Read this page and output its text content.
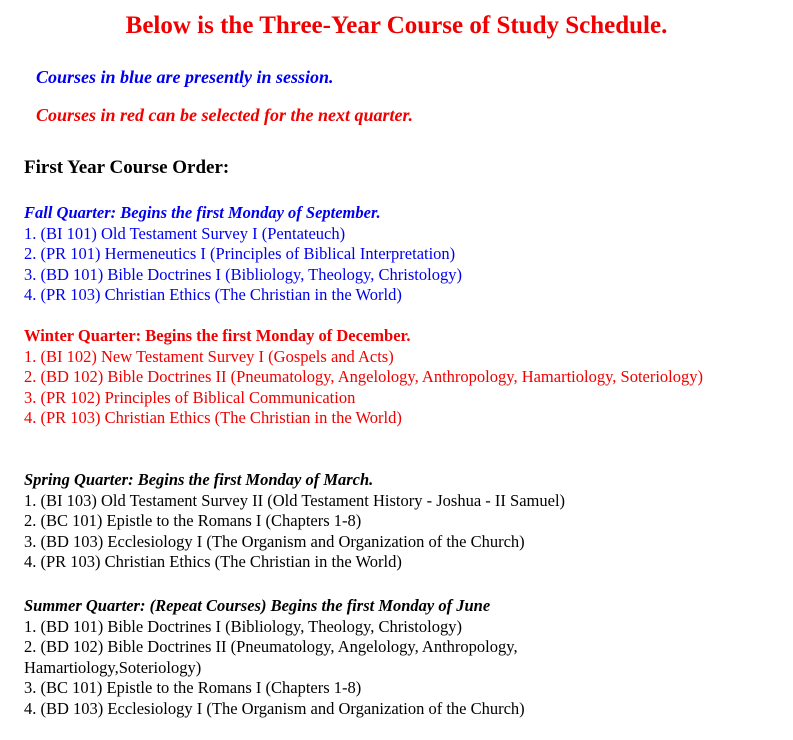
Below is the Three-Year Course of Study Schedule.

Courses in blue are presently in session.

Courses in red can be selected for the next quarter.

First Year Course Order:
Fall Quarter: Begins the first Monday of September.
1. (BI 101) Old Testament Survey I (Pentateuch)
2. (PR 101) Hermeneutics I (Principles of Biblical Interpretation)
3. (BD 101) Bible Doctrines I (Bibliology, Theology, Christology)
4. (PR 103) Christian Ethics (The Christian in the World)
Winter Quarter: Begins the first Monday of December.
1. (BI 102) New Testament Survey I (Gospels and Acts)
2. (BD 102) Bible Doctrines II (Pneumatology, Angelology, Anthropology, Hamartiology, Soteriology)
3. (PR 102) Principles of Biblical Communication
4. (PR 103) Christian Ethics (The Christian in the World)
Spring Quarter: Begins the first Monday of March.
1. (BI 103) Old Testament Survey II (Old Testament History - Joshua - II Samuel)
2. (BC 101) Epistle to the Romans I (Chapters 1-8)
3. (BD 103) Ecclesiology I (The Organism and Organization of the Church)
4. (PR 103) Christian Ethics (The Christian in the World)
Summer Quarter: (Repeat Courses) Begins the first Monday of June
1. (BD 101) Bible Doctrines I (Bibliology, Theology, Christology)
2. (BD 102) Bible Doctrines II (Pneumatology, Angelology, Anthropology, Hamartiology,Soteriology)
3. (BC 101) Epistle to the Romans I (Chapters 1-8)
4. (BD 103) Ecclesiology I (The Organism and Organization of the Church)
